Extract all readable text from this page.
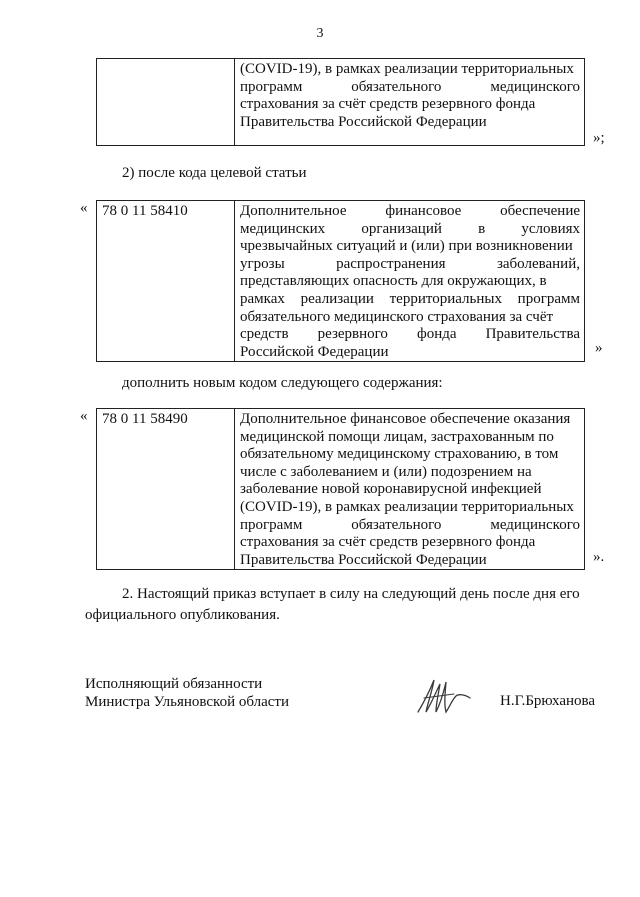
3

(COVID-19), в рамках реализации территориальных
программ обязательного медицинского
страхования за счёт средств резервного фонда
Правительства Российской Федерации
»;
2) после кода целевой статьи
« 78 0 11 58410	Дополнительное финансовое обеспечение
медицинских организаций в условиях
чрезвычайных ситуаций и (или) при возникновении
угрозы распространения заболеваний,
представляющих опасность для окружающих, в
рамках реализации территориальных программ
обязательного медицинского страхования за счёт
средств резервного фонда Правительства
Российской Федерации	»
дополнить новым кодом следующего содержания:
« 78 0 11 58490	Дополнительное финансовое обеспечение оказания
медицинской помощи лицам, застрахованным по
обязательному медицинскому страхованию, в том
числе с заболеванием и (или) подозрением на
заболевание новой коронавирусной инфекцией
(COVID-19), в рамках реализации территориальных
программ обязательного медицинского
страхования за счёт средств резервного фонда
Правительства Российской Федерации	».
2. Настоящий приказ вступает в силу на следующий день после дня его
официального опубликования.
Исполняющий обязанности
Министра Ульяновской области	Н.Г.Брюханова
